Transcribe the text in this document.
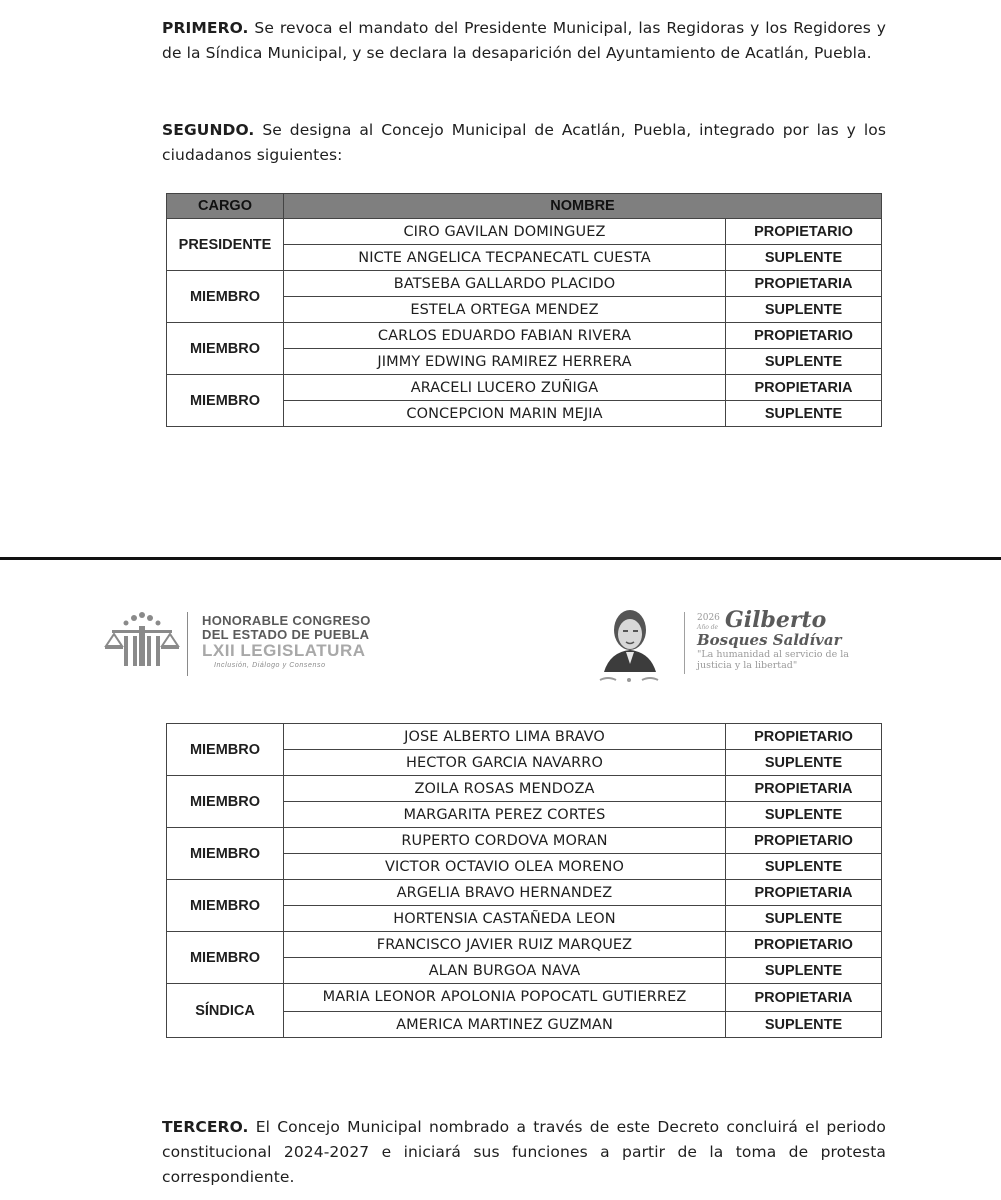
PRIMERO. Se revoca el mandato del Presidente Municipal, las Regidoras y los Regidores y de la Síndica Municipal, y se declara la desaparición del Ayuntamiento de Acatlán, Puebla.
SEGUNDO. Se designa al Concejo Municipal de Acatlán, Puebla, integrado por las y los ciudadanos siguientes:
CARGO	NOMBRE	
PRESIDENTE	CIRO GAVILAN DOMINGUEZ	PROPIETARIO
	NICTE ANGELICA TECPANECATL CUESTA	SUPLENTE
MIEMBRO	BATSEBA GALLARDO PLACIDO	PROPIETARIA
	ESTELA ORTEGA MENDEZ	SUPLENTE
MIEMBRO	CARLOS EDUARDO FABIAN RIVERA	PROPIETARIO
	JIMMY EDWING RAMIREZ HERRERA	SUPLENTE
MIEMBRO	ARACELI LUCERO ZUÑIGA	PROPIETARIA
	CONCEPCION MARIN MEJIA	SUPLENTE
HONORABLE CONGRESO
DEL ESTADO DE PUEBLA
LXII LEGISLATURA
Inclusión, Diálogo y Consenso
2026
Año de Gilberto
Bosques Saldívar
"La humanidad al servicio de la
justicia y la libertad"
MIEMBRO	JOSE ALBERTO LIMA BRAVO	PROPIETARIO
	HECTOR GARCIA NAVARRO	SUPLENTE
MIEMBRO	ZOILA ROSAS MENDOZA	PROPIETARIA
	MARGARITA PEREZ CORTES	SUPLENTE
MIEMBRO	RUPERTO CORDOVA MORAN	PROPIETARIO
	VICTOR OCTAVIO OLEA MORENO	SUPLENTE
MIEMBRO	ARGELIA BRAVO HERNANDEZ	PROPIETARIA
	HORTENSIA CASTAÑEDA LEON	SUPLENTE
MIEMBRO	FRANCISCO JAVIER RUIZ MARQUEZ	PROPIETARIO
	ALAN BURGOA NAVA	SUPLENTE
SÍNDICA	MARIA LEONOR APOLONIA POPOCATL GUTIERREZ	PROPIETARIA
	AMERICA MARTINEZ GUZMAN	SUPLENTE
TERCERO. El Concejo Municipal nombrado a través de este Decreto concluirá el periodo constitucional 2024-2027 e iniciará sus funciones a partir de la toma de protesta correspondiente.
